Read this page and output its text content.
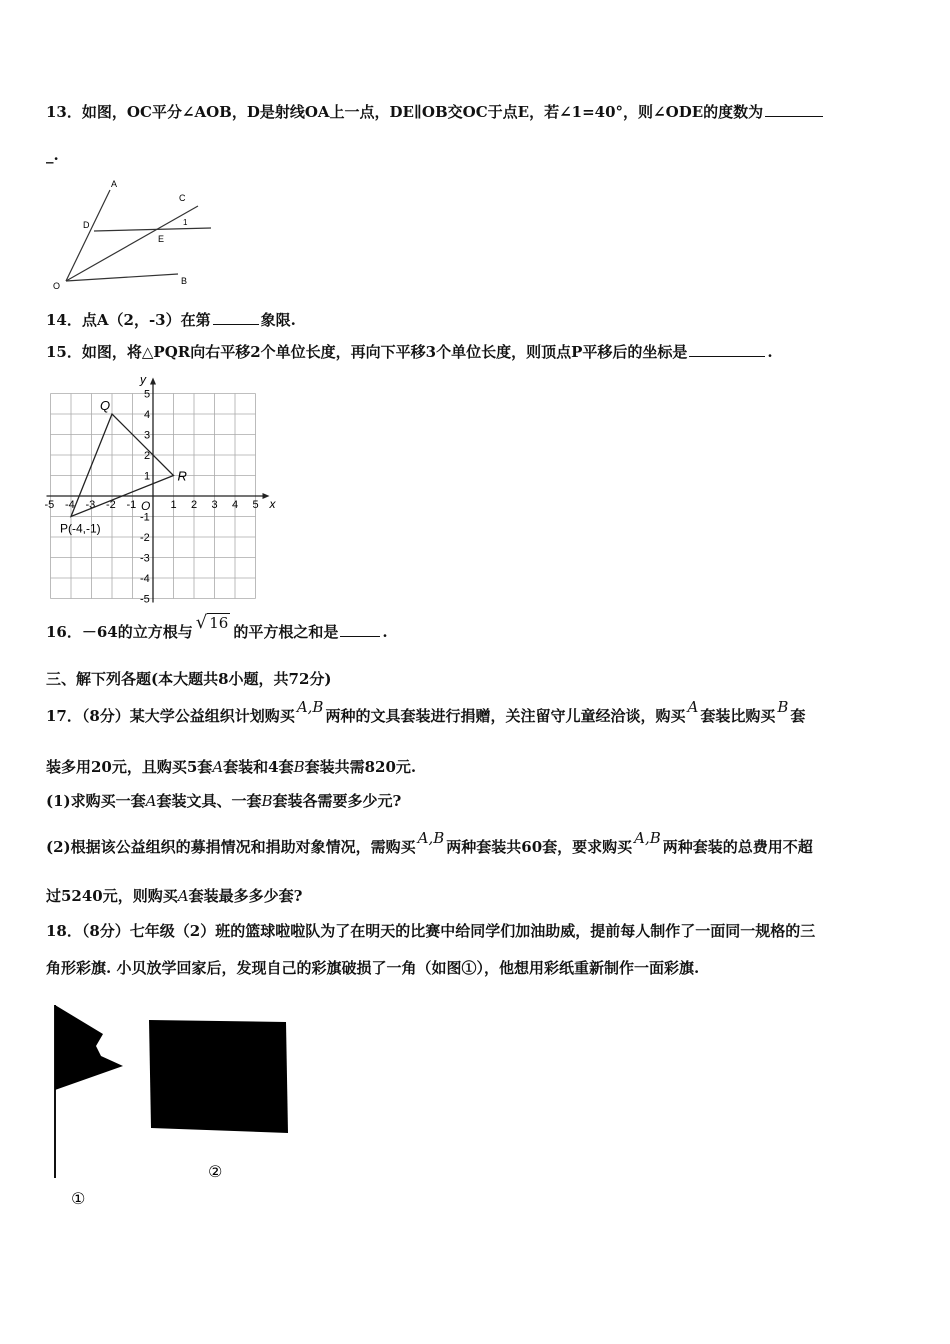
13．如图，OC平分∠AOB，D是射线OA上一点，DE∥OB交OC于点E，若∠1=40°，则∠ODE的度数为
_.
A
C
D
E
1
O	B
14．点A（2，-3）在第	象限.
15．如图，将△PQR向右平移2个单位长度，再向下平移3个单位长度，则顶点P平移后的坐标是	.
-5 -4 -3 -2 -1	1 2 3 4 5
5
4
3
2
1
-1
-2
-3
-4
-5
Q
R
P(-4,-1)
O	x
y
16．－64的立方根与 √ 16 的平方根之和是	.
三、解下列各题(本大题共8小题，共72分)
17．（8分）某大学公益组织计划购买 A,B 两种的文具套装进行捐赠，关注留守儿童经洽谈，购买 A 套装比购买 B 套
装多用20元，且购买5套A套装和4套B套装共需820元.
(1)求购买一套A套装文具、一套B套装各需要多少元?
(2)根据该公益组织的募捐情况和捐助对象情况，需购买 A,B 两种套装共60套，要求购买 A,B 两种套装的总费用不超
过5240元，则购买A套装最多多少套?
18．（8分）七年级（2）班的篮球啦啦队为了在明天的比赛中给同学们加油助威，提前每人制作了一面同一规格的三
角形彩旗. 小贝放学回家后，发现自己的彩旗破损了一角（如图①），他想用彩纸重新制作一面彩旗.
①
②
